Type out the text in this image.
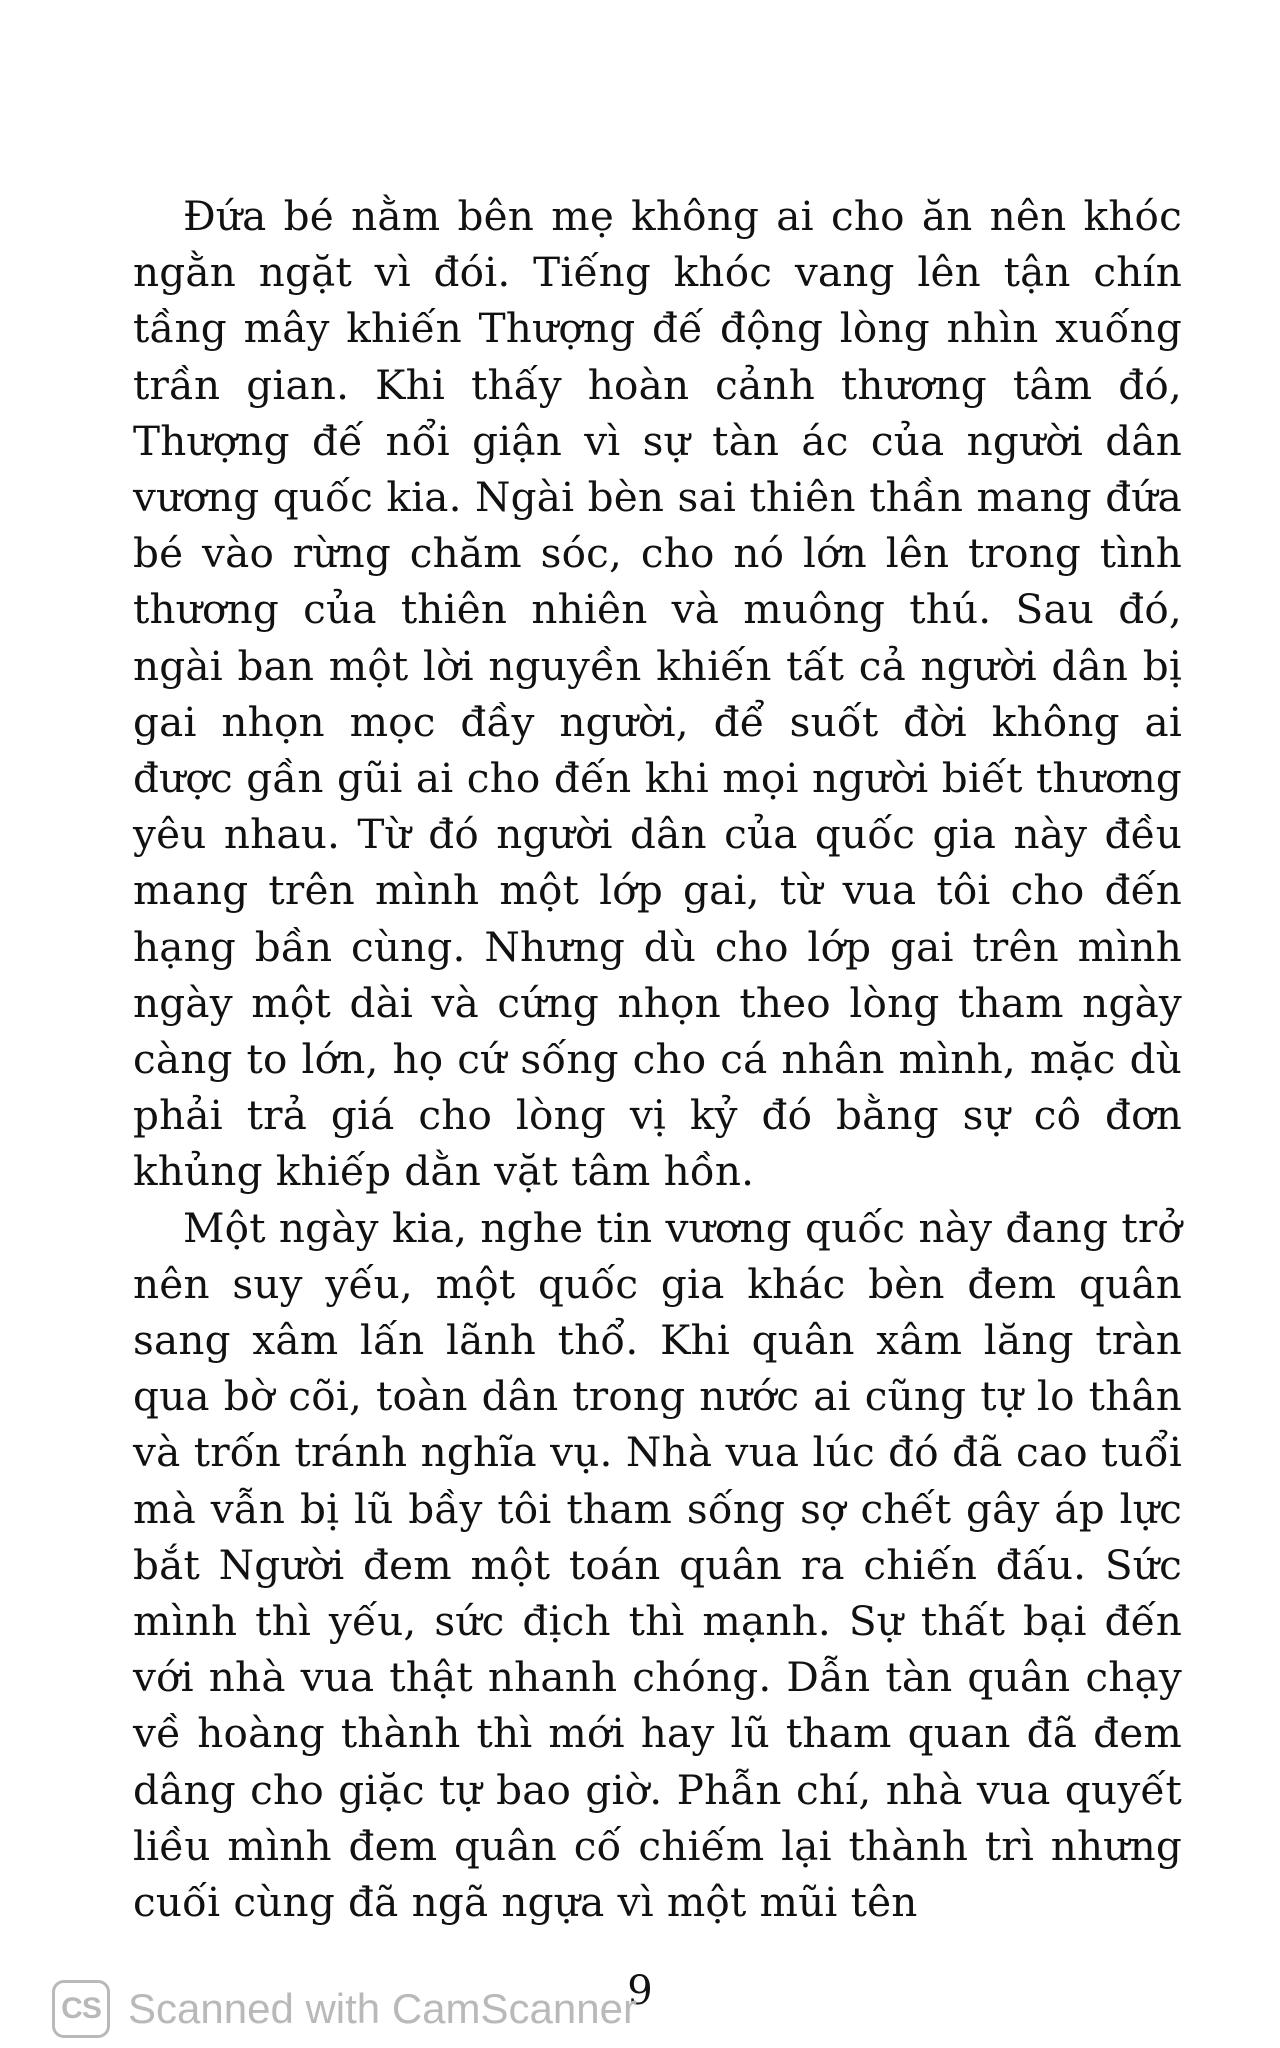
Đứa bé nằm bên mẹ không ai cho ăn nên khóc ngằn ngặt vì đói. Tiếng khóc vang lên tận chín tầng mây khiến Thượng đế động lòng nhìn xuống trần gian. Khi thấy hoàn cảnh thương tâm đó, Thượng đế nổi giận vì sự tàn ác của người dân vương quốc kia. Ngài bèn sai thiên thần mang đứa bé vào rừng chăm sóc, cho nó lớn lên trong tình thương của thiên nhiên và muông thú. Sau đó, ngài ban một lời nguyền khiến tất cả người dân bị gai nhọn mọc đầy người, để suốt đời không ai được gần gũi ai cho đến khi mọi người biết thương yêu nhau. Từ đó người dân của quốc gia này đều mang trên mình một lớp gai, từ vua tôi cho đến hạng bần cùng. Nhưng dù cho lớp gai trên mình ngày một dài và cứng nhọn theo lòng tham ngày càng to lớn, họ cứ sống cho cá nhân mình, mặc dù phải trả giá cho lòng vị kỷ đó bằng sự cô đơn khủng khiếp dằn vặt tâm hồn.

Một ngày kia, nghe tin vương quốc này đang trở nên suy yếu, một quốc gia khác bèn đem quân sang xâm lấn lãnh thổ. Khi quân xâm lăng tràn qua bờ cõi, toàn dân trong nước ai cũng tự lo thân và trốn tránh nghĩa vụ. Nhà vua lúc đó đã cao tuổi mà vẫn bị lũ bầy tôi tham sống sợ chết gây áp lực bắt Người đem một toán quân ra chiến đấu. Sức mình thì yếu, sức địch thì mạnh. Sự thất bại đến với nhà vua thật nhanh chóng. Dẫn tàn quân chạy về hoàng thành thì mới hay lũ tham quan đã đem dâng cho giặc tự bao giờ. Phẫn chí, nhà vua quyết liều mình đem quân cố chiếm lại thành trì nhưng cuối cùng đã ngã ngựa vì một mũi tên

9
CS Scanned with CamScanner
